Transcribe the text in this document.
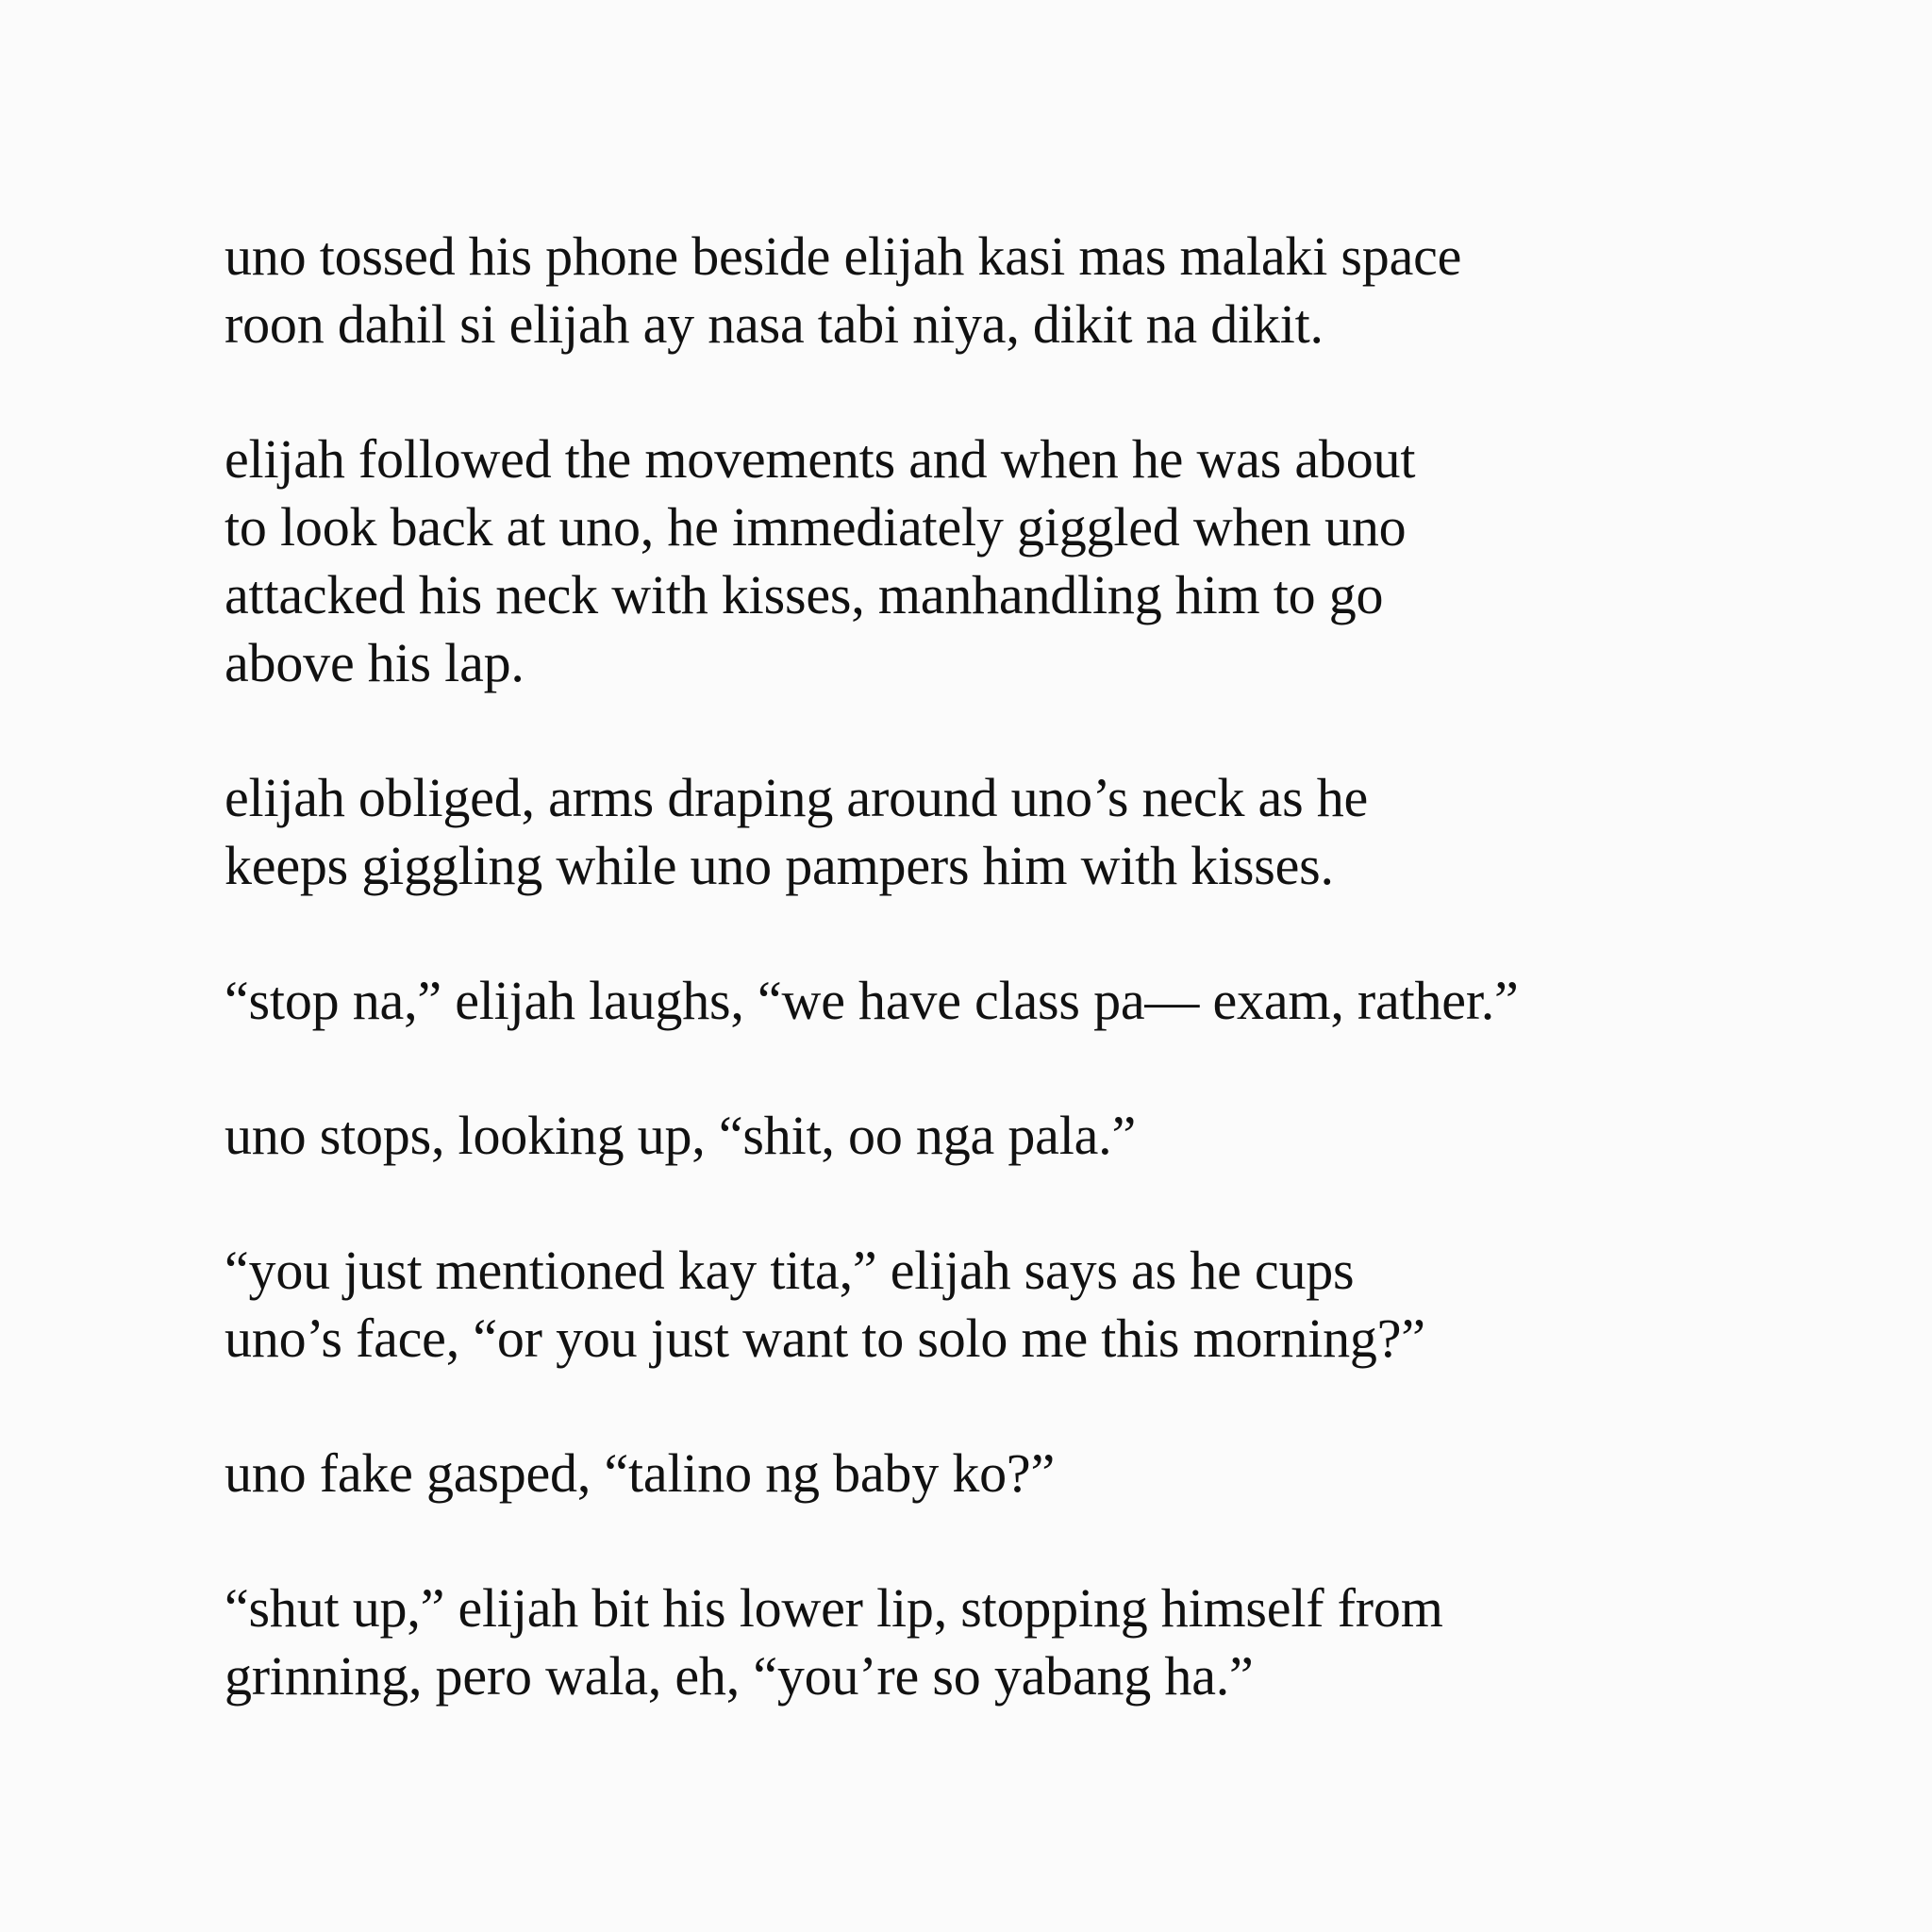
uno tossed his phone beside elijah kasi mas malaki space
roon dahil si elijah ay nasa tabi niya, dikit na dikit.

elijah followed the movements and when he was about
to look back at uno, he immediately giggled when uno
attacked his neck with kisses, manhandling him to go
above his lap.

elijah obliged, arms draping around uno’s neck as he
keeps giggling while uno pampers him with kisses.

“stop na,” elijah laughs, “we have class pa— exam, rather.”

uno stops, looking up, “shit, oo nga pala.”

“you just mentioned kay tita,” elijah says as he cups
uno’s face, “or you just want to solo me this morning?”

uno fake gasped, “talino ng baby ko?”

“shut up,” elijah bit his lower lip, stopping himself from
grinning, pero wala, eh, “you’re so yabang ha.”
